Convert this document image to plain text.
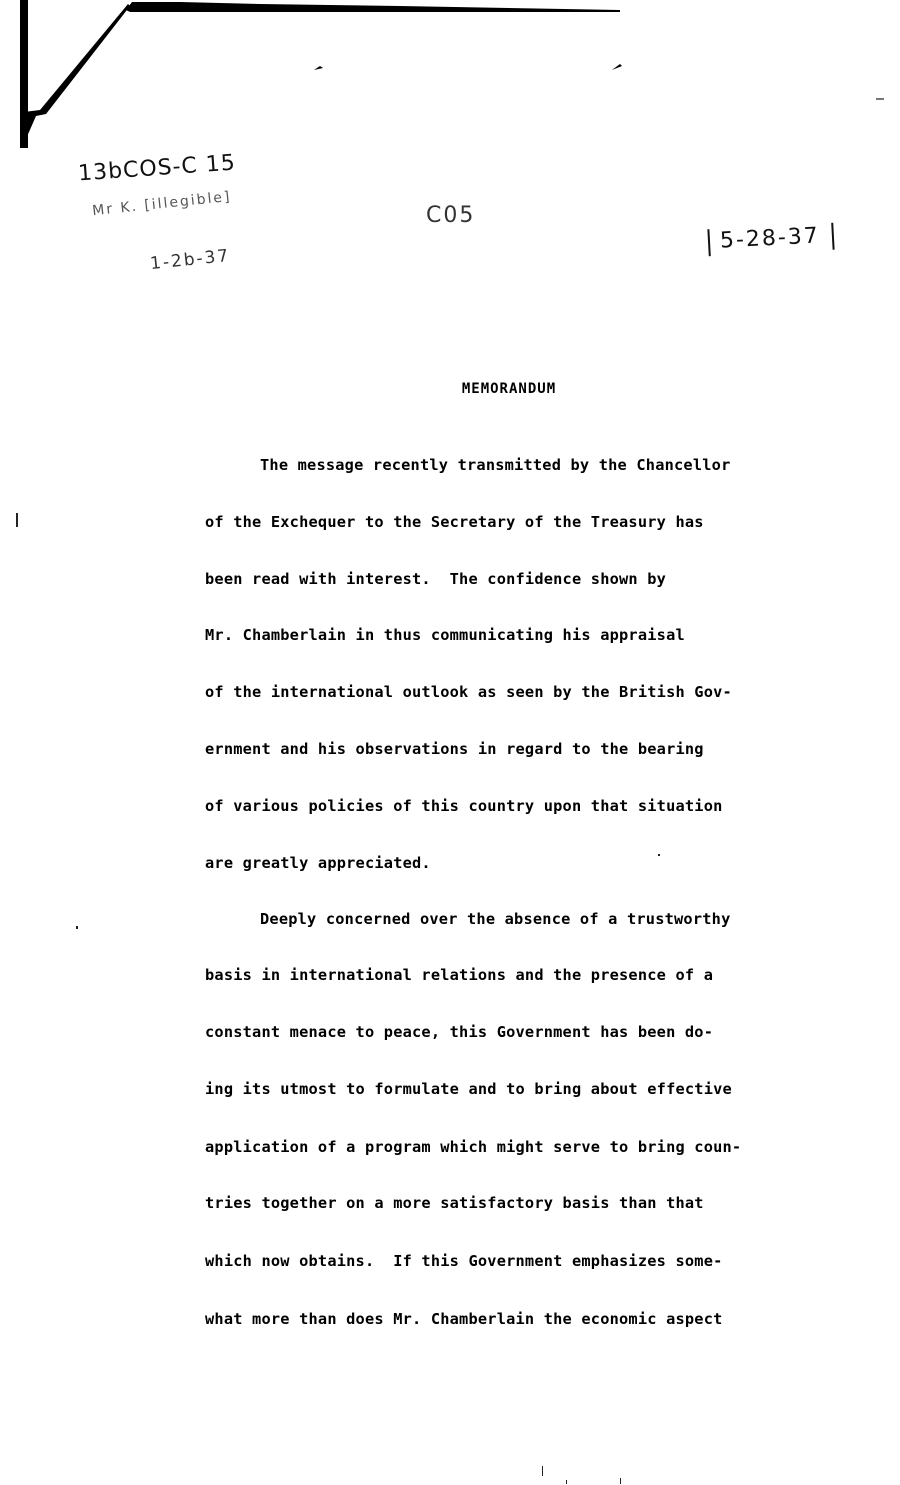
13bCOS-C 15
Mr K. [illegible]
1-2b-37
C05
5-28-37
MEMORANDUM
The message recently transmitted by the Chancellor
of the Exchequer to the Secretary of the Treasury has
been read with interest.  The confidence shown by
Mr. Chamberlain in thus communicating his appraisal
of the international outlook as seen by the British Gov-
ernment and his observations in regard to the bearing
of various policies of this country upon that situation
are greatly appreciated.
Deeply concerned over the absence of a trustworthy
basis in international relations and the presence of a
constant menace to peace, this Government has been do-
ing its utmost to formulate and to bring about effective
application of a program which might serve to bring coun-
tries together on a more satisfactory basis than that
which now obtains.  If this Government emphasizes some-
what more than does Mr. Chamberlain the economic aspect
